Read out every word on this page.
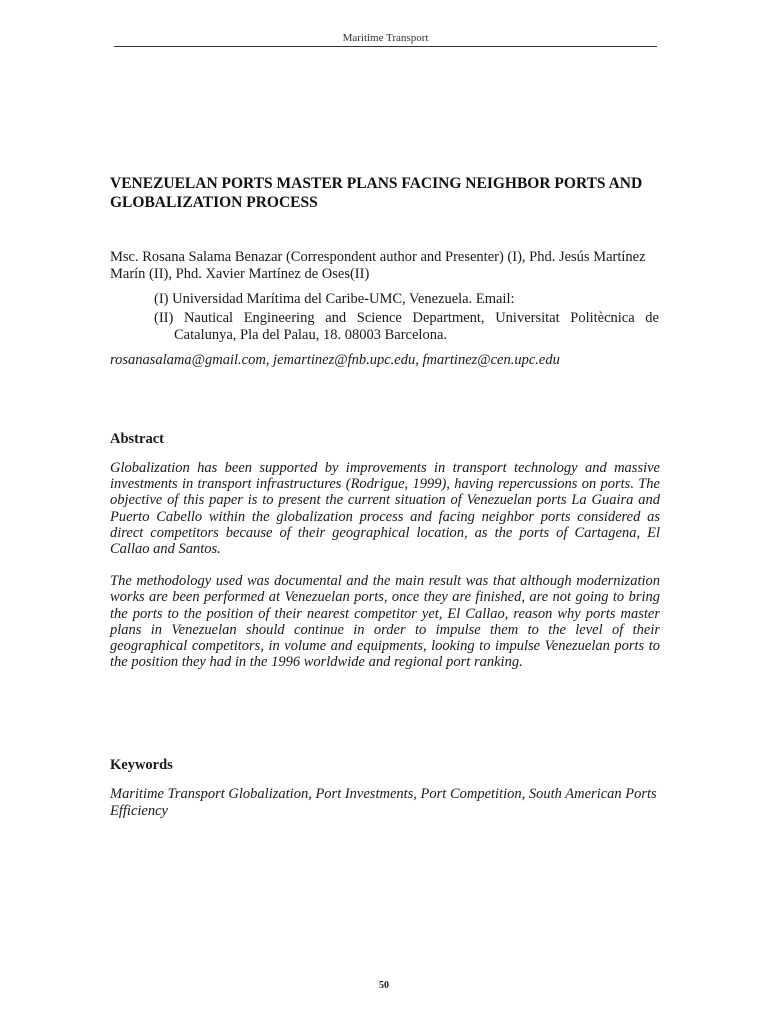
Maritime Transport
VENEZUELAN PORTS MASTER PLANS FACING NEIGHBOR PORTS AND GLOBALIZATION PROCESS

Msc. Rosana Salama Benazar (Correspondent author and Presenter) (I), Phd. Jesús Martínez Marín (II), Phd. Xavier Martínez de Oses(II)

(I) Universidad Marítima del Caribe-UMC, Venezuela. Email:
(II) Nautical Engineering and Science Department, Universitat Politècnica de Catalunya, Pla del Palau, 18. 08003 Barcelona.

rosanasalama@gmail.com, jemartinez@fnb.upc.edu, fmartinez@cen.upc.edu

Abstract

Globalization has been supported by improvements in transport technology and massive investments in transport infrastructures (Rodrigue, 1999), having repercussions on ports. The objective of this paper is to present the current situation of Venezuelan ports La Guaira and Puerto Cabello within the globalization process and facing neighbor ports considered as direct competitors because of their geographical location, as the ports of Cartagena, El Callao and Santos.

The methodology used was documental and the main result was that although modernization works are been performed at Venezuelan ports, once they are finished, are not going to bring the ports to the position of their nearest competitor yet, El Callao, reason why ports master plans in Venezuelan should continue in order to impulse them to the level of their geographical competitors, in volume and equipments, looking to impulse Venezuelan ports to the position they had in the 1996 worldwide and regional port ranking.

Keywords

Maritime Transport Globalization, Port Investments, Port Competition, South American Ports Efficiency

50
